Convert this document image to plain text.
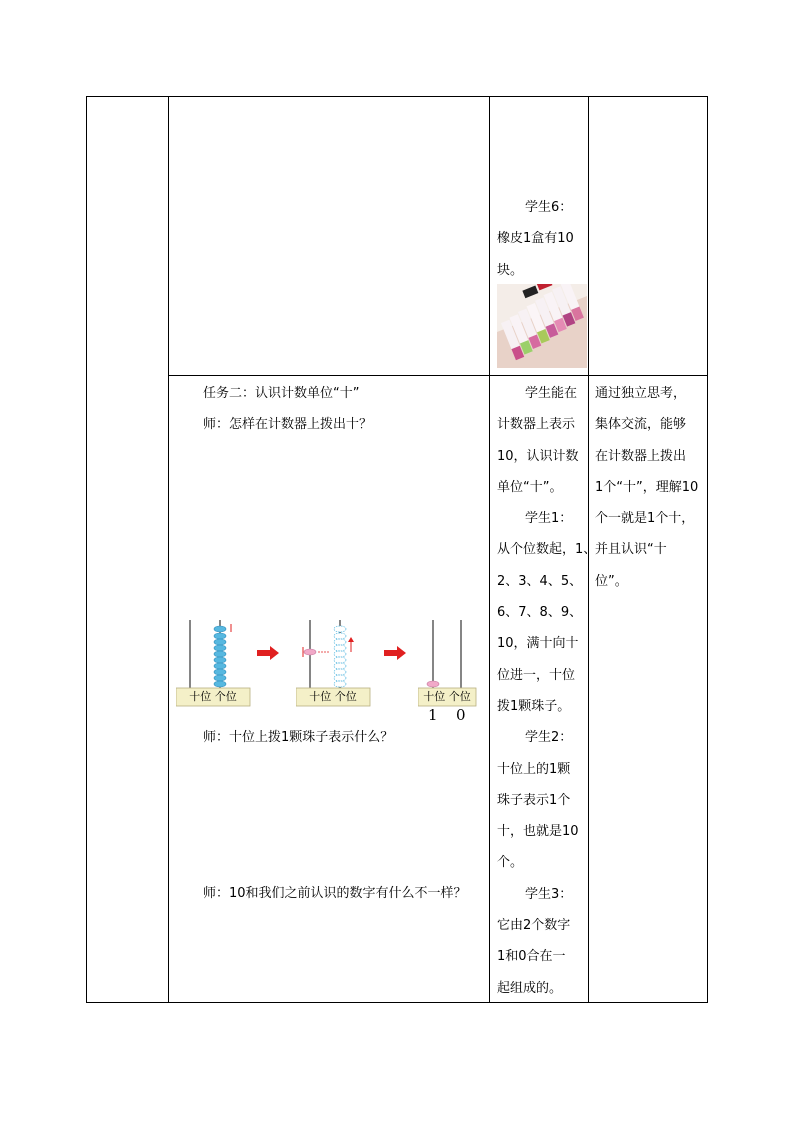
学生6：
橡皮1盒有10
块。
任务二：认识计数单位“十”
师：怎样在计数器上拨出十？
十位 个位	十位 个位	十位 个位
1 0
师：十位上拨1颗珠子表示什么？
师：10和我们之前认识的数字有什么不一样？
学生能在
计数器上表示
10，认识计数
单位“十”。
学生1：
从个位数起，1、
2、3、4、5、
6、7、8、9、
10，满十向十
位进一，十位
拨1颗珠子。
学生2：
十位上的1颗
珠子表示1个
十，也就是10
个。
学生3：
它由2个数字
1和0合在一
起组成的。
通过独立思考，
集体交流，能够
在计数器上拨出
1个“十”，理解10
个一就是1个十，
并且认识“十
位”。
